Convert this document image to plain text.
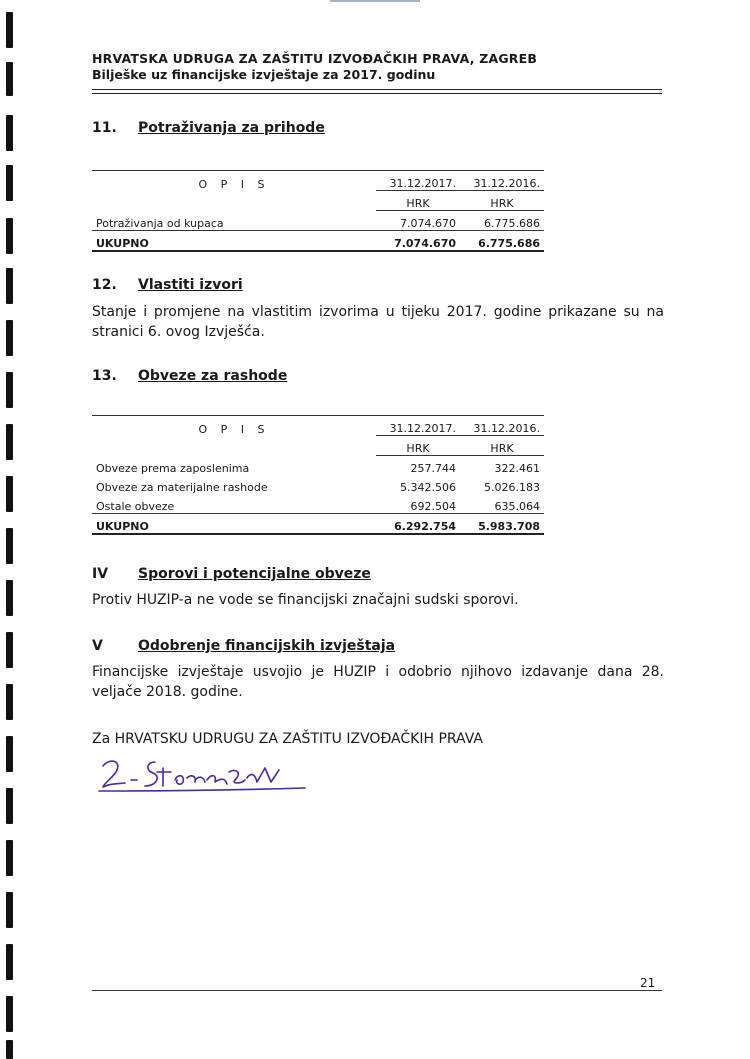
HRVATSKA UDRUGA ZA ZAŠTITU IZVOĐAČKIH PRAVA, ZAGREB
Bilješke uz financijske izvještaje za 2017. godinu
11. Potraživanja za prihode
O P I S	31.12.2017.	31.12.2016.
	HRK	HRK
Potraživanja od kupaca	7.074.670	6.775.686
UKUPNO	7.074.670	6.775.686
12. Vlastiti izvori
Stanje i promjene na vlastitim izvorima u tijeku 2017. godine prikazane su na stranici 6. ovog Izvješća.
13. Obveze za rashode
O P I S	31.12.2017.	31.12.2016.
	HRK	HRK
Obveze prema zaposlenima	257.744	322.461
Obveze za materijalne rashode	5.342.506	5.026.183
Ostale obveze	692.504	635.064
UKUPNO	6.292.754	5.983.708
IV Sporovi i potencijalne obveze
Protiv HUZIP-a ne vode se financijski značajni sudski sporovi.
V	Odobrenje financijskih izvještaja
Financijske izvještaje usvojio je HUZIP i odobrio njihovo izdavanje dana 28. veljače 2018. godine.
Za HRVATSKU UDRUGU ZA ZAŠTITU IZVOĐAČKIH PRAVA
21
